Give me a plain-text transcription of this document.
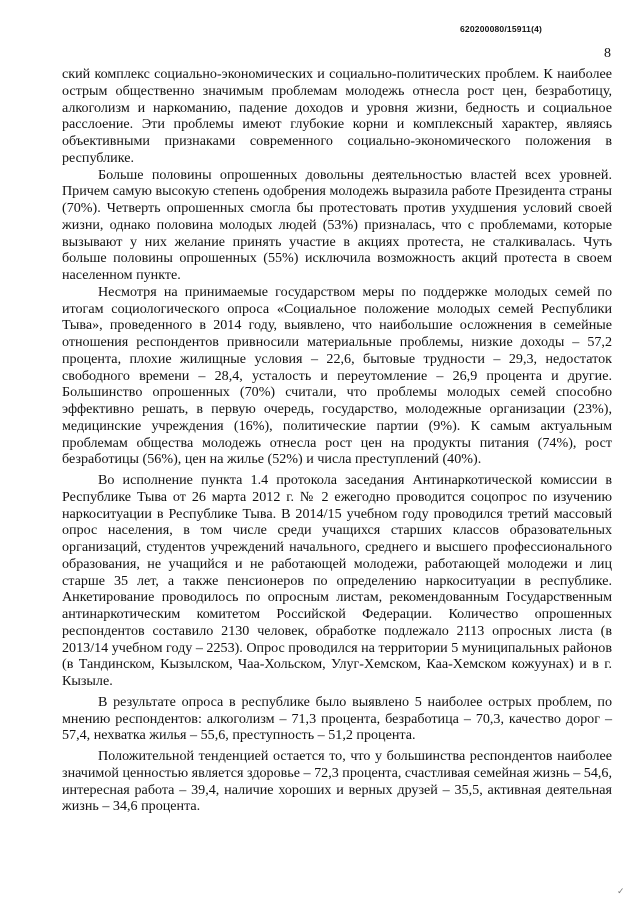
620200080/15911(4)
8

ский комплекс социально-экономических и социально-политических проблем. К наиболее острым общественно значимым проблемам молодежь отнесла рост цен, безработицу, алкоголизм и наркоманию, падение доходов и уровня жизни, бедность и социальное расслоение. Эти проблемы имеют глубокие корни и комплексный характер, являясь объективными признаками современного социально-экономического положения в республике.

Больше половины опрошенных довольны деятельностью властей всех уровней. Причем самую высокую степень одобрения молодежь выразила работе Президента страны (70%). Четверть опрошенных смогла бы протестовать против ухудшения условий своей жизни, однако половина молодых людей (53%) призналась, что с проблемами, которые вызывают у них желание принять участие в акциях протеста, не сталкивалась. Чуть больше половины опрошенных (55%) исключила возможность акций протеста в своем населенном пункте.

Несмотря на принимаемые государством меры по поддержке молодых семей по итогам социологического опроса «Социальное положение молодых семей Республики Тыва», проведенного в 2014 году, выявлено, что наибольшие осложнения в семейные отношения респондентов привносили материальные проблемы, низкие доходы – 57,2 процента, плохие жилищные условия – 22,6, бытовые трудности – 29,3, недостаток свободного времени – 28,4, усталость и переутомление – 26,9 процента и другие. Большинство опрошенных (70%) считали, что проблемы молодых семей способно эффективно решать, в первую очередь, государство, молодежные организации (23%), медицинские учреждения (16%), политические партии (9%). К самым актуальным проблемам общества молодежь отнесла рост цен на продукты питания (74%), рост безработицы (56%), цен на жилье (52%) и числа преступлений (40%).

Во исполнение пункта 1.4 протокола заседания Антинаркотической комиссии в Республике Тыва от 26 марта 2012 г. № 2 ежегодно проводится соцопрос по изучению наркоситуации в Республике Тыва. В 2014/15 учебном году проводился третий массовый опрос населения, в том числе среди учащихся старших классов образовательных организаций, студентов учреждений начального, среднего и высшего профессионального образования, не учащийся и не работающей молодежи, работающей молодежи и лиц старше 35 лет, а также пенсионеров по определению наркоситуации в республике. Анкетирование проводилось по опросным листам, рекомендованным Государственным антинаркотическим комитетом Российской Федерации. Количество опрошенных респондентов составило 2130 человек, обработке подлежало 2113 опросных листа (в 2013/14 учебном году – 2253). Опрос проводился на территории 5 муниципальных районов (в Тандинском, Кызылском, Чаа-Хольском, Улуг-Хемском, Каа-Хемском кожуунах) и в г. Кызыле.

В результате опроса в республике было выявлено 5 наиболее острых проблем, по мнению респондентов: алкоголизм – 71,3 процента, безработица – 70,3, качество дорог – 57,4, нехватка жилья – 55,6, преступность – 51,2 процента.

Положительной тенденцией остается то, что у большинства респондентов наиболее значимой ценностью является здоровье – 72,3 процента, счастливая семейная жизнь – 54,6, интересная работа – 39,4, наличие хороших и верных друзей – 35,5, активная деятельная жизнь – 34,6 процента.

✓
